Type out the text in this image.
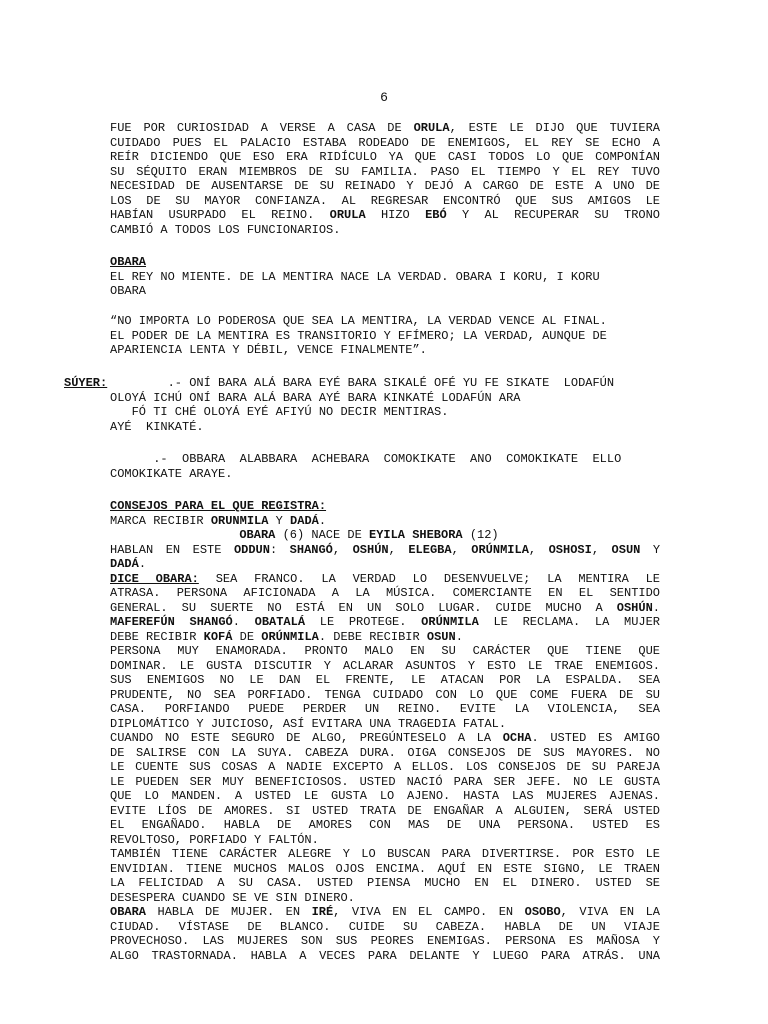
6
FUE POR CURIOSIDAD A VERSE A CASA DE ORULA, ESTE LE DIJO QUE TUVIERA
CUIDADO PUES EL PALACIO ESTABA RODEADO DE ENEMIGOS, EL REY SE ECHO A
REÍR DICIENDO QUE ESO ERA RIDÍCULO YA QUE CASI TODOS LO QUE COMPONÍAN
SU SÉQUITO ERAN MIEMBROS DE SU FAMILIA. PASO EL TIEMPO Y EL REY TUVO
NECESIDAD DE AUSENTARSE DE SU REINADO Y DEJÓ A CARGO DE ESTE A UNO DE
LOS DE SU MAYOR CONFIANZA. AL REGRESAR ENCONTRÓ QUE SUS AMIGOS LE
HABÍAN USURPADO EL REINO. ORULA HIZO EBÓ Y AL RECUPERAR SU TRONO
CAMBIÓ A TODOS LOS FUNCIONARIOS.
OBARA
EL REY NO MIENTE. DE LA MENTIRA NACE LA VERDAD. OBARA I KORU, I KORU
OBARA
“NO IMPORTA LO PODEROSA QUE SEA LA MENTIRA, LA VERDAD VENCE AL FINAL.
EL PODER DE LA MENTIRA ES TRANSITORIO Y EFÍMERO; LA VERDAD, AUNQUE DE
APARIENCIA LENTA Y DÉBIL, VENCE FINALMENTE”.
SÚYER: .- ONÍ BARA ALÁ BARA EYÉ BARA SIKALÉ OFÉ YU FE SIKATE  LODAFÚN
OLOYÁ ICHÚ ONÍ BARA ALÁ BARA AYÉ BARA KINKATÉ LODAFÚN ARA
FÓ TI CHÉ OLOYÁ EYÉ AFIYÚ NO DECIR MENTIRAS.
AYÉ  KINKATÉ.
.-  OBBARA  ALABBARA  ACHEBARA  COMOKIKATE  ANO  COMOKIKATE  ELLO
COMOKIKATE ARAYE.
CONSEJOS PARA EL QUE REGISTRA:
MARCA RECIBIR ORUNMILA Y DADÁ.
OBARA (6) NACE DE EYILA SHEBORA (12)
HABLAN EN ESTE ODDUN: SHANGÓ, OSHÚN, ELEGBA, ORÚNMILA, OSHOSI, OSUN Y
DADÁ.
DICE OBARA: SEA FRANCO. LA VERDAD LO DESENVUELVE; LA MENTIRA LE
ATRASA. PERSONA AFICIONADA A LA MÚSICA. COMERCIANTE EN EL SENTIDO
GENERAL. SU SUERTE NO ESTÁ EN UN SOLO LUGAR. CUIDE MUCHO A OSHÚN.
MAFEREFÚN SHANGÓ. OBATALÁ LE PROTEGE. ORÚNMILA LE RECLAMA. LA MUJER
DEBE RECIBIR KOFÁ DE ORÚNMILA. DEBE RECIBIR OSUN.
PERSONA MUY ENAMORADA. PRONTO MALO EN SU CARÁCTER QUE TIENE QUE
DOMINAR. LE GUSTA DISCUTIR Y ACLARAR ASUNTOS Y ESTO LE TRAE ENEMIGOS.
SUS ENEMIGOS NO LE DAN EL FRENTE, LE ATACAN POR LA ESPALDA. SEA
PRUDENTE, NO SEA PORFIADO. TENGA CUIDADO CON LO QUE COME FUERA DE SU
CASA. PORFIANDO PUEDE PERDER UN REINO. EVITE LA VIOLENCIA, SEA
DIPLOMÁTICO Y JUICIOSO, ASÍ EVITARA UNA TRAGEDIA FATAL.
CUANDO NO ESTE SEGURO DE ALGO, PREGÚNTESELO A LA OCHA. USTED ES AMIGO
DE SALIRSE CON LA SUYA. CABEZA DURA. OIGA CONSEJOS DE SUS MAYORES. NO
LE CUENTE SUS COSAS A NADIE EXCEPTO A ELLOS. LOS CONSEJOS DE SU PAREJA
LE PUEDEN SER MUY BENEFICIOSOS. USTED NACIÓ PARA SER JEFE. NO LE GUSTA
QUE LO MANDEN. A USTED LE GUSTA LO AJENO. HASTA LAS MUJERES AJENAS.
EVITE LÍOS DE AMORES. SI USTED TRATA DE ENGAÑAR A ALGUIEN, SERÁ USTED
EL ENGAÑADO. HABLA DE AMORES CON MAS DE UNA PERSONA. USTED ES
REVOLTOSO, PORFIADO Y FALTÓN.
TAMBIÉN TIENE CARÁCTER ALEGRE Y LO BUSCAN PARA DIVERTIRSE. POR ESTO LE
ENVIDIAN. TIENE MUCHOS MALOS OJOS ENCIMA. AQUÍ EN ESTE SIGNO, LE TRAEN
LA FELICIDAD A SU CASA. USTED PIENSA MUCHO EN EL DINERO. USTED SE
DESESPERA CUANDO SE VE SIN DINERO.
OBARA HABLA DE MUJER. EN IRÉ, VIVA EN EL CAMPO. EN OSOBO, VIVA EN LA
CIUDAD. VÍSTASE DE BLANCO. CUIDE SU CABEZA. HABLA DE UN VIAJE
PROVECHOSO. LAS MUJERES SON SUS PEORES ENEMIGAS. PERSONA ES MAÑOSA Y
ALGO TRASTORNADA. HABLA A VECES PARA DELANTE Y LUEGO PARA ATRÁS. UNA
